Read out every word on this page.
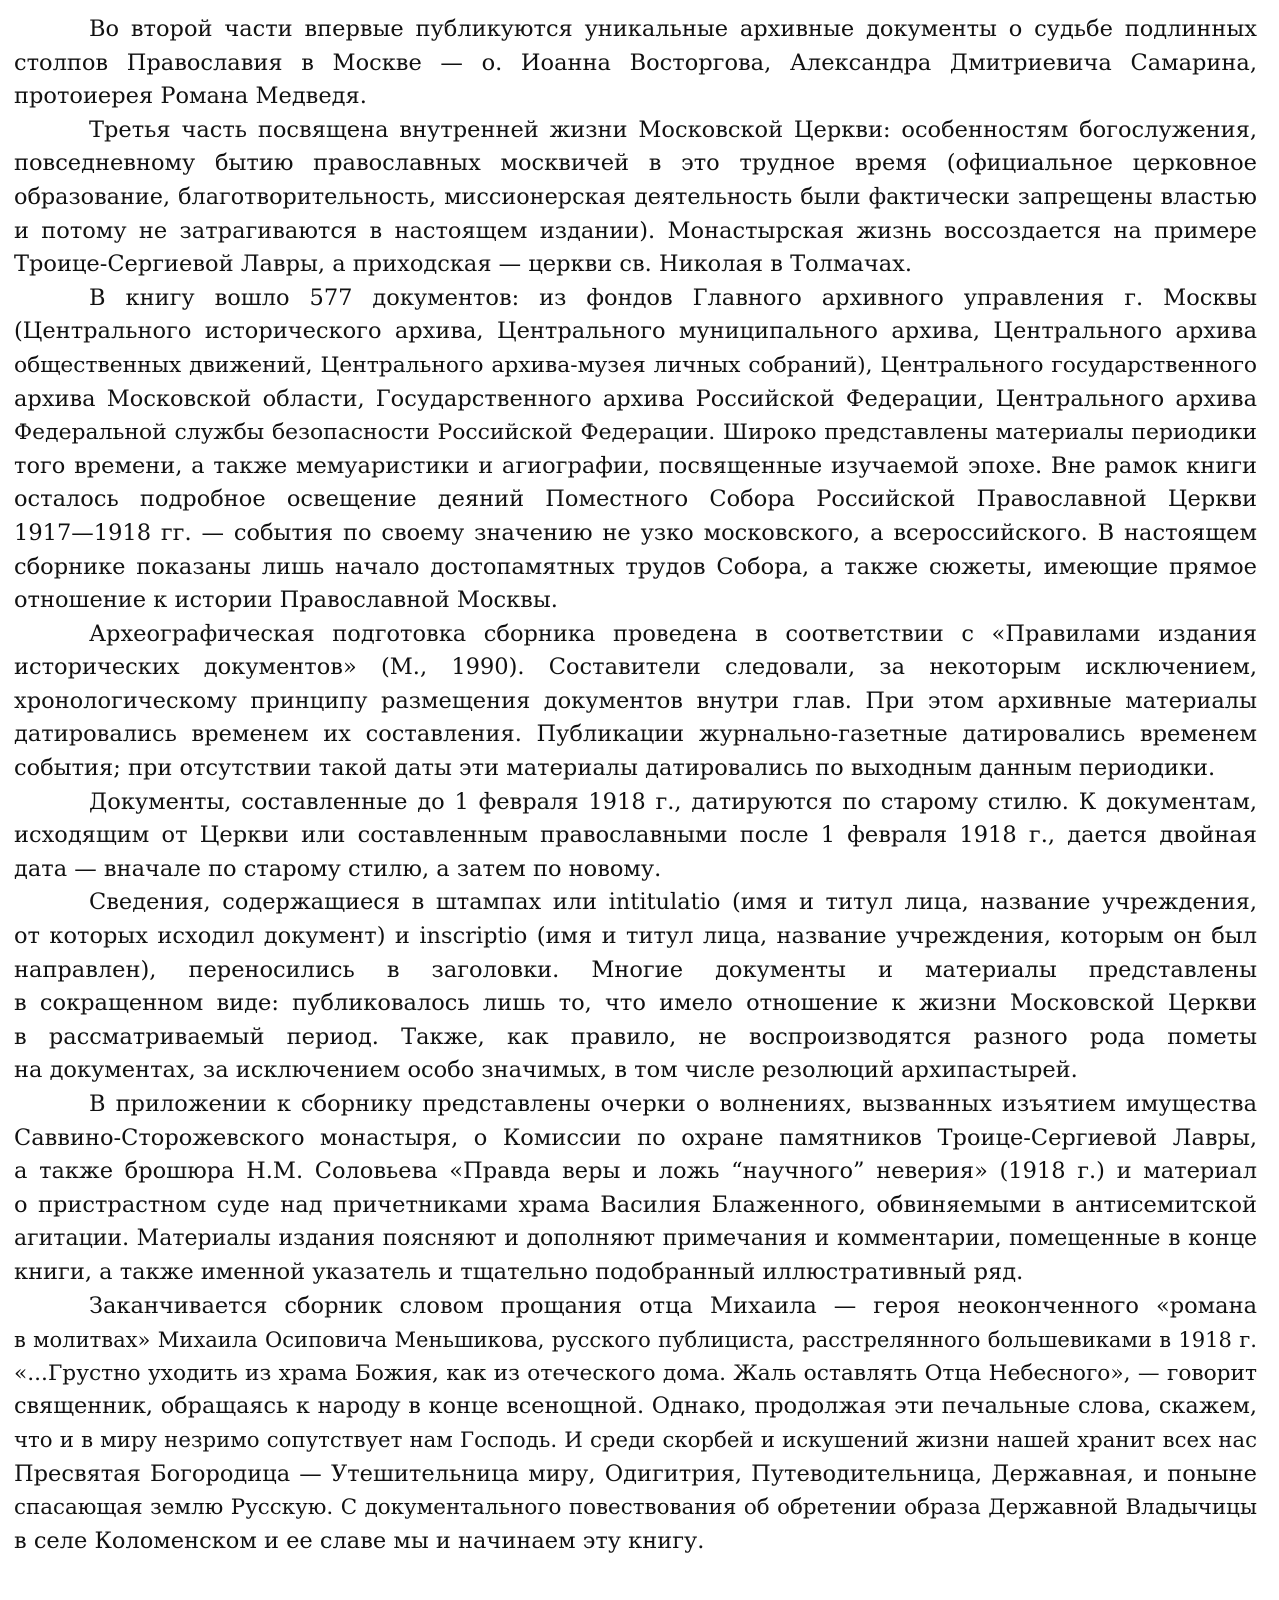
Во второй части впервые публикуются уникальные архивные документы о судьбе подлинных
столпов Православия в Москве — о. Иоанна Восторгова, Александра Дмитриевича Самарина,
протоиерея Романа Медведя.
Третья часть посвящена внутренней жизни Московской Церкви: особенностям богослужения,
повседневному бытию православных москвичей в это трудное время (официальное церковное
образование, благотворительность, миссионерская деятельность были фактически запрещены властью
и потому не затрагиваются в настоящем издании). Монастырская жизнь воссоздается на примере
Троице-Сергиевой Лавры, а приходская — церкви св. Николая в Толмачах.
В книгу вошло 577 документов: из фондов Главного архивного управления г. Москвы
(Центрального исторического архива, Центрального муниципального архива, Центрального архива
общественных движений, Центрального архива-музея личных собраний), Центрального государственного
архива Московской области, Государственного архива Российской Федерации, Центрального архива
Федеральной службы безопасности Российской Федерации. Широко представлены материалы периодики
того времени, а также мемуаристики и агиографии, посвященные изучаемой эпохе. Вне рамок книги
осталось подробное освещение деяний Поместного Собора Российской Православной Церкви
1917—1918 гг. — события по своему значению не узко московского, а всероссийского. В настоящем
сборнике показаны лишь начало достопамятных трудов Собора, а также сюжеты, имеющие прямое
отношение к истории Православной Москвы.
Археографическая подготовка сборника проведена в соответствии с «Правилами издания
исторических документов» (М., 1990). Составители следовали, за некоторым исключением,
хронологическому принципу размещения документов внутри глав. При этом архивные материалы
датировались временем их составления. Публикации журнально-газетные датировались временем
события; при отсутствии такой даты эти материалы датировались по выходным данным периодики.
Документы, составленные до 1 февраля 1918 г., датируются по старому стилю. К документам,
исходящим от Церкви или составленным православными после 1 февраля 1918 г., дается двойная
дата — вначале по старому стилю, а затем по новому.
Сведения, содержащиеся в штампах или intitulatio (имя и титул лица, название учреждения,
от которых исходил документ) и inscriptio (имя и титул лица, название учреждения, которым он был
направлен), переносились в заголовки. Многие документы и материалы представлены
в сокращенном виде: публиковалось лишь то, что имело отношение к жизни Московской Церкви
в рассматриваемый период. Также, как правило, не воспроизводятся разного рода пометы
на документах, за исключением особо значимых, в том числе резолюций архипастырей.
В приложении к сборнику представлены очерки о волнениях, вызванных изъятием имущества
Саввино-Сторожевского монастыря, о Комиссии по охране памятников Троице-Сергиевой Лавры,
а также брошюра Н.М. Соловьева «Правда веры и ложь “научного” неверия» (1918 г.) и материал
о пристрастном суде над причетниками храма Василия Блаженного, обвиняемыми в антисемитской
агитации. Материалы издания поясняют и дополняют примечания и комментарии, помещенные в конце
книги, а также именной указатель и тщательно подобранный иллюстративный ряд.
Заканчивается сборник словом прощания отца Михаила — героя неоконченного «романа
в молитвах» Михаила Осиповича Меньшикова, русского публициста, расстрелянного большевиками в 1918 г.
«...Грустно уходить из храма Божия, как из отеческого дома. Жаль оставлять Отца Небесного», — говорит
священник, обращаясь к народу в конце всенощной. Однако, продолжая эти печальные слова, скажем,
что и в миру незримо сопутствует нам Господь. И среди скорбей и искушений жизни нашей хранит всех нас
Пресвятая Богородица — Утешительница миру, Одигитрия, Путеводительница, Державная, и поныне
спасающая землю Русскую. С документального повествования об обретении образа Державной Владычицы
в селе Коломенском и ее славе мы и начинаем эту книгу.
